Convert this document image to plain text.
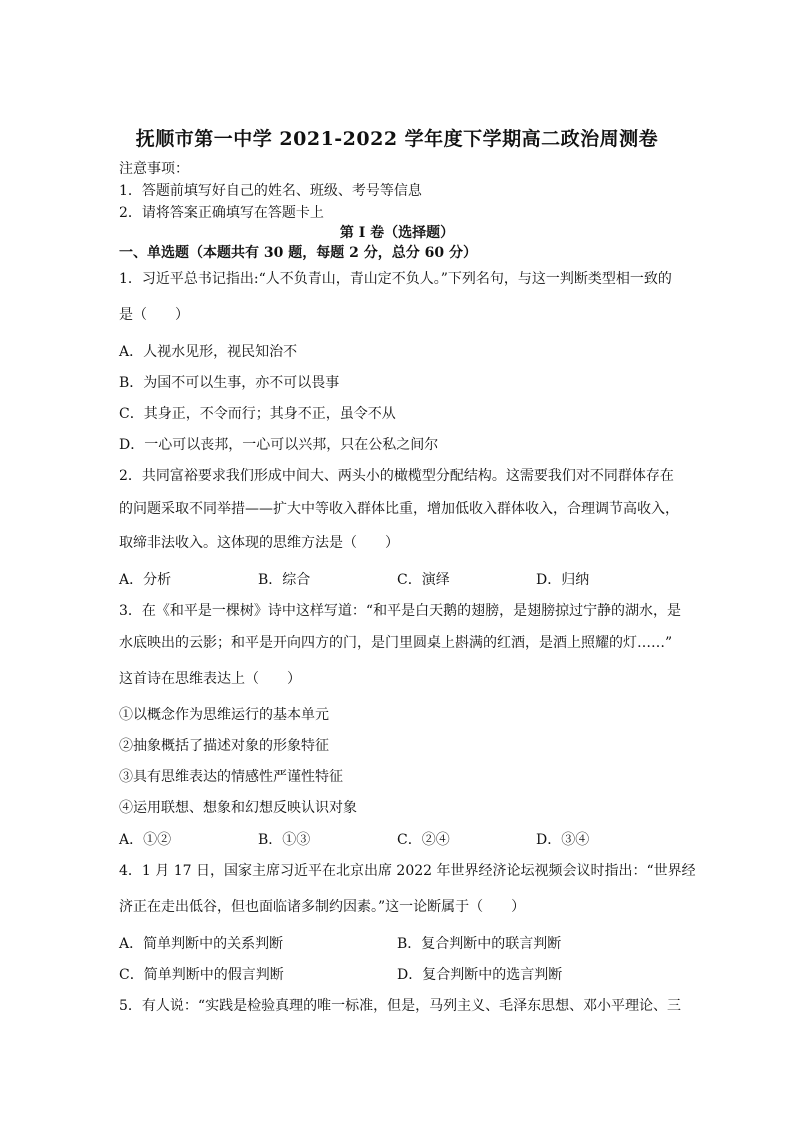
抚顺市第一中学 2021-2022 学年度下学期高二政治周测卷
注意事项：
1．答题前填写好自己的姓名、班级、考号等信息
2．请将答案正确填写在答题卡上
第 I 卷（选择题）
一、单选题（本题共有 30 题，每题 2 分，总分 60 分）
1．习近平总书记指出:“人不负青山，青山定不负人。”下列名句，与这一判断类型相一致的
是（　　）
A．人视水见形，视民知治不
B．为国不可以生事，亦不可以畏事
C．其身正，不令而行；其身不正，虽令不从
D．一心可以丧邦，一心可以兴邦，只在公私之间尔
2．共同富裕要求我们形成中间大、两头小的橄榄型分配结构。这需要我们对不同群体存在
的问题采取不同举措——扩大中等收入群体比重，增加低收入群体收入，合理调节高收入，
取缔非法收入。这体现的思维方法是（　　）
A．分析	B．综合	C．演绎	D．归纳
3．在《和平是一棵树》诗中这样写道：“和平是白天鹅的翅膀，是翅膀掠过宁静的湖水，是
水底映出的云影；和平是开向四方的门，是门里圆桌上斟满的红酒，是酒上照耀的灯……”
这首诗在思维表达上（　　）
①以概念作为思维运行的基本单元
②抽象概括了描述对象的形象特征
③具有思维表达的情感性严谨性特征
④运用联想、想象和幻想反映认识对象
A．①②	B．①③	C．②④	D．③④
4．1 月 17 日，国家主席习近平在北京出席 2022 年世界经济论坛视频会议时指出：“世界经
济正在走出低谷，但也面临诸多制约因素。”这一论断属于（　　）
A．简单判断中的关系判断	B．复合判断中的联言判断
C．简单判断中的假言判断	D．复合判断中的选言判断
5．有人说：“实践是检验真理的唯一标准，但是，马列主义、毛泽东思想、邓小平理论、三
